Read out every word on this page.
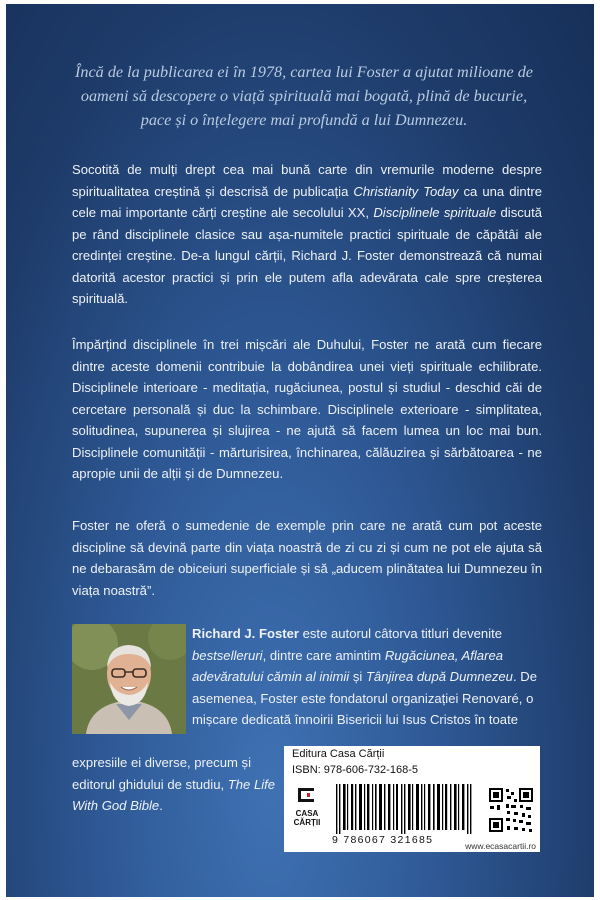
Încă de la publicarea ei în 1978, cartea lui Foster a ajutat milioane de oameni să descopere o viață spirituală mai bogată, plină de bucurie, pace și o înțelegere mai profundă a lui Dumnezeu.
Socotită de mulți drept cea mai bună carte din vremurile moderne despre spiritualitatea creștină și descrisă de publicația Christianity Today ca una dintre cele mai importante cărți creștine ale secolului XX, Disciplinele spirituale discută pe rând disciplinele clasice sau așa-numitele practici spirituale de căpătâi ale credinței creștine. De-a lungul cărții, Richard J. Foster demonstrează că numai datorită acestor practici și prin ele putem afla adevărata cale spre creșterea spirituală.
Împărțind disciplinele în trei mișcări ale Duhului, Foster ne arată cum fiecare dintre aceste domenii contribuie la dobândirea unei vieți spirituale echilibrate. Disciplinele interioare - meditația, rugăciunea, postul și studiul - deschid căi de cercetare personală și duc la schimbare. Disciplinele exterioare - simplitatea, solitudinea, supunerea și slujirea - ne ajută să facem lumea un loc mai bun. Disciplinele comunității - mărturisirea, închinarea, călăuzirea și sărbătoarea - ne apropie unii de alții și de Dumnezeu.
Foster ne oferă o sumedenie de exemple prin care ne arată cum pot aceste discipline să devină parte din viața noastră de zi cu zi și cum ne pot ele ajuta să ne debarasăm de obiceiuri superficiale și să „aducem plinătatea lui Dumnezeu în viața noastră”.
Richard J. Foster este autorul câtorva titluri devenite bestselleruri, dintre care amintim Rugăciunea, Aflarea adevăratului cămin al inimii și Tânjirea după Dumnezeu. De asemenea, Foster este fondatorul organizației Renovaré, o mișcare dedicată înnoirii Bisericii lui Isus Cristos în toate
expresiile ei diverse, precum și editorul ghidului de studiu, The Life With God Bible.
Editura Casa Cărții
ISBN: 978-606-732-168-5
CASA
CĂRȚII
9 786067 321685	www.ecasacartii.ro
